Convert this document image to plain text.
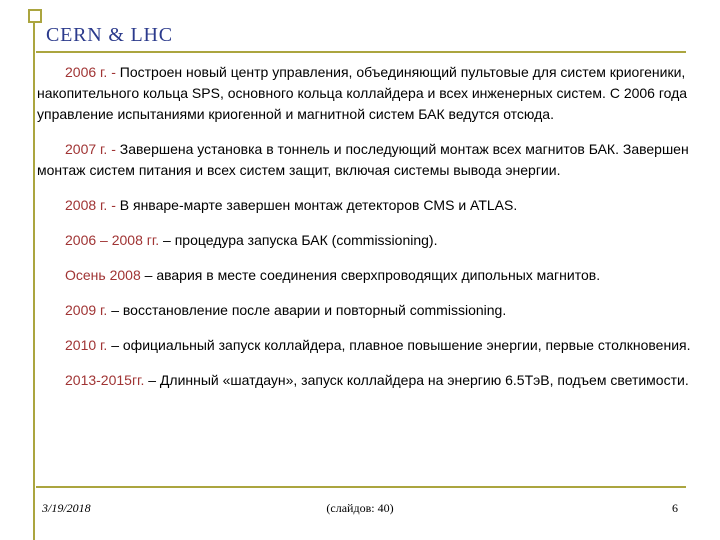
CERN & LHC

2006 г. - Построен новый центр управления, объединяющий пультовые для систем криогеники, накопительного кольца SPS, основного кольца коллайдера и всех инженерных систем. С 2006 года управление испытаниями криогенной и магнитной систем БАК ведутся отсюда.

2007 г. - Завершена установка в тоннель и последующий монтаж всех магнитов БАК. Завершен монтаж систем питания и всех систем защит, включая системы вывода энергии.

2008 г. - В январе-марте завершен монтаж детекторов CMS и ATLAS.

2006 – 2008 гг. – процедура запуска БАК (commissioning).

Осень 2008 – авария в месте соединения сверхпроводящих дипольных магнитов.

2009 г. – восстановление после аварии и повторный commissioning.

2010 г. – официальный запуск коллайдера, плавное повышение энергии, первые столкновения.

2013-2015гг. – Длинный «шатдаун», запуск коллайдера на энергию 6.5ТэВ, подъем светимости.

3/19/2018	(слайдов: 40)	6
